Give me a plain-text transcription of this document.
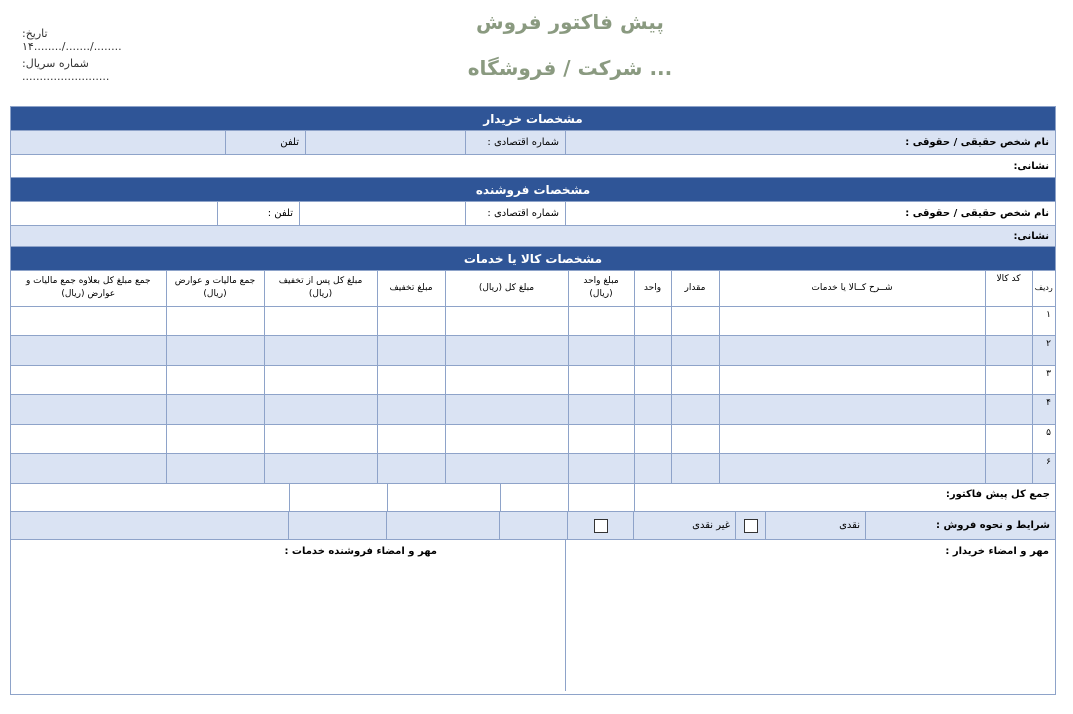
پیش فاکتور فروش
شرکت / فروشگاه ...
تاریخ: ......../......./........۱۴
شماره سریال: .........................
مشخصات خریدار
نام شخص حقیقی / حقوقی :
شماره اقتصادی :
تلفن
نشانی:
مشخصات فروشنده
نام شخص حقیقی / حقوقی :
شماره اقتصادی :
تلفن :
نشانی:
مشخصات کالا یا خدمات
ردیف	کد کالا	شــرح کــالا یا خدمات	مقدار	واحد	مبلغ واحد (ریال)	مبلغ کل (ریال)	مبلغ تخفیف	مبلغ کل پس از تخفیف (ریال)	جمع مالیات و عوارض (ریال)	جمع مبلغ کل بعلاوه جمع مالیات و عوارض (ریال)
۱										
۲										
۳										
۴										
۵										
۶										
جمع کل پیش فاکتور:
شرایط و نحوه فروش :
نقدی
غیر نقدی
مهر و امضاء خریدار :
مهر و امضاء فروشنده خدمات :
